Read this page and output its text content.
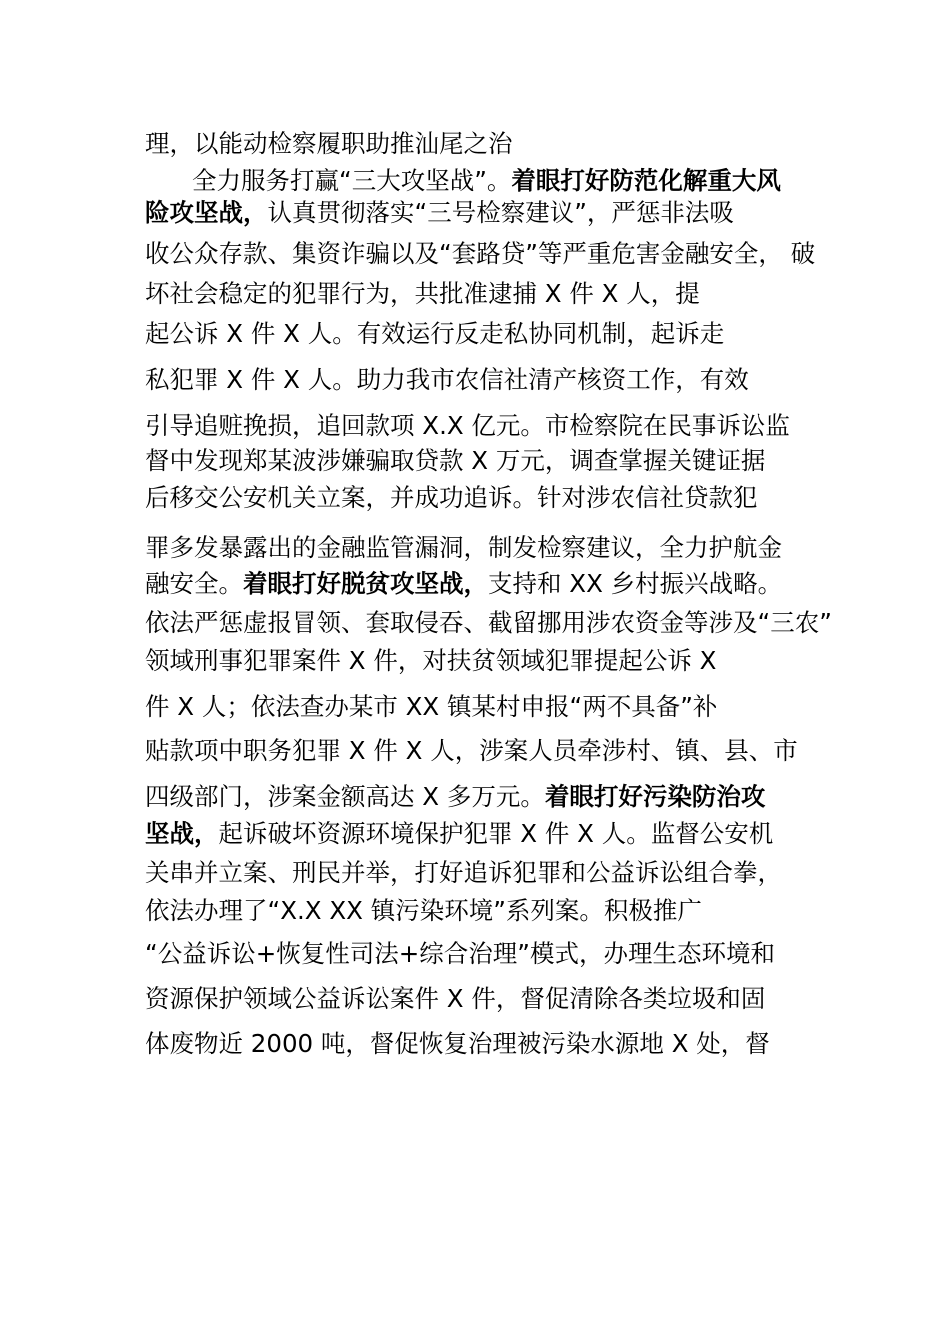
理，以能动检察履职助推汕尾之治
全力服务打赢“三大攻坚战”。着眼打好防范化解重大风
险攻坚战，认真贯彻落实“三号检察建议”，严惩非法吸
收公众存款、集资诈骗以及“套路贷”等严重危害金融安全， 破
坏社会稳定的犯罪行为，共批准逮捕 X 件 X 人，提
起公诉 X 件 X 人。有效运行反走私协同机制，起诉走
私犯罪 X 件 X 人。助力我市农信社清产核资工作，有效
引导追赃挽损，追回款项 X.X 亿元。市检察院在民事诉讼监
督中发现郑某波涉嫌骗取贷款 X 万元，调查掌握关键证据
后移交公安机关立案，并成功追诉。针对涉农信社贷款犯
罪多发暴露出的金融监管漏洞，制发检察建议，全力护航金
融安全。着眼打好脱贫攻坚战，支持和 XX 乡村振兴战略。
依法严惩虚报冒领、套取侵吞、截留挪用涉农资金等涉及“三农”
领域刑事犯罪案件 X 件，对扶贫领域犯罪提起公诉 X
件 X 人；依法查办某市 XX 镇某村申报“两不具备”补
贴款项中职务犯罪 X 件 X 人，涉案人员牵涉村、镇、县、市
四级部门，涉案金额高达 X 多万元。着眼打好污染防治攻
坚战，起诉破坏资源环境保护犯罪 X 件 X 人。监督公安机
关串并立案、刑民并举，打好追诉犯罪和公益诉讼组合拳，
依法办理了“X.X XX 镇污染环境”系列案。积极推广
“公益诉讼+恢复性司法+综合治理”模式，办理生态环境和
资源保护领域公益诉讼案件 X 件，督促清除各类垃圾和固
体废物近 2000 吨，督促恢复治理被污染水源地 X 处，督
